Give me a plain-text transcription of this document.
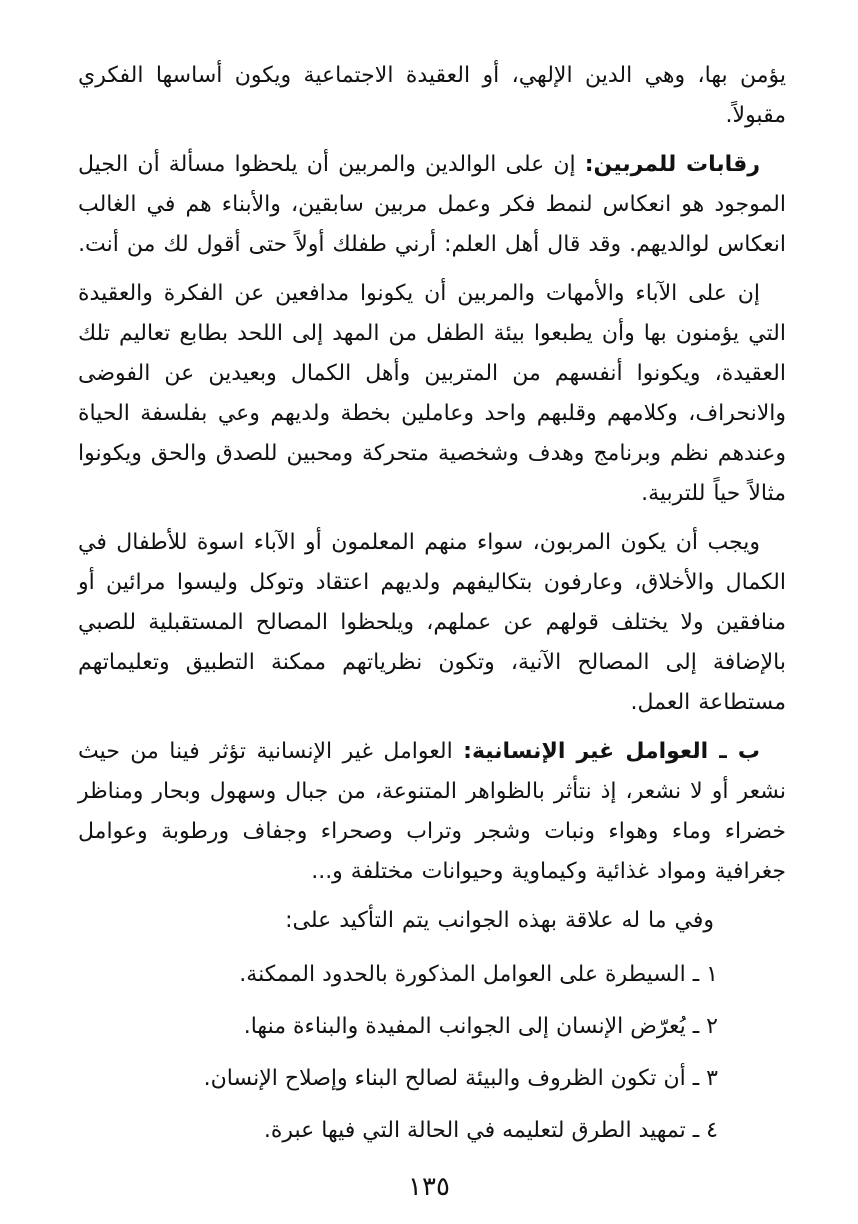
يؤمن بها، وهي الدين الإلهي، أو العقيدة الاجتماعية ويكون أساسها الفكري مقبولاً.

رقابات للمربين: إن على الوالدين والمربين أن يلحظوا مسألة أن الجيل الموجود هو انعكاس لنمط فكر وعمل مربين سابقين، والأبناء هم في الغالب انعكاس لوالديهم. وقد قال أهل العلم: أرني طفلك أولاً حتى أقول لك من أنت.

إن على الآباء والأمهات والمربين أن يكونوا مدافعين عن الفكرة والعقيدة التي يؤمنون بها وأن يطبعوا بيئة الطفل من المهد إلى اللحد بطابع تعاليم تلك العقيدة، ويكونوا أنفسهم من المتربين وأهل الكمال وبعيدين عن الفوضى والانحراف، وكلامهم وقلبهم واحد وعاملين بخطة ولديهم وعي بفلسفة الحياة وعندهم نظم وبرنامج وهدف وشخصية متحركة ومحبين للصدق والحق ويكونوا مثالاً حياً للتربية.

ويجب أن يكون المربون، سواء منهم المعلمون أو الآباء اسوة للأطفال في الكمال والأخلاق، وعارفون بتكاليفهم ولديهم اعتقاد وتوكل وليسوا مرائين أو منافقين ولا يختلف قولهم عن عملهم، ويلحظوا المصالح المستقبلية للصبي بالإضافة إلى المصالح الآنية، وتكون نظرياتهم ممكنة التطبيق وتعليماتهم مستطاعة العمل.

ب ـ العوامل غير الإنسانية: العوامل غير الإنسانية تؤثر فينا من حيث نشعر أو لا نشعر، إذ نتأثر بالظواهر المتنوعة، من جبال وسهول وبحار ومناظر خضراء وماء وهواء ونبات وشجر وتراب وصحراء وجفاف ورطوبة وعوامل جغرافية ومواد غذائية وكيماوية وحيوانات مختلفة و...

وفي ما له علاقة بهذه الجوانب يتم التأكيد على:

١ ـ السيطرة على العوامل المذكورة بالحدود الممكنة.
٢ ـ يُعرّض الإنسان إلى الجوانب المفيدة والبناءة منها.
٣ ـ أن تكون الظروف والبيئة لصالح البناء وإصلاح الإنسان.
٤ ـ تمهيد الطرق لتعليمه في الحالة التي فيها عبرة.
١٣٥
